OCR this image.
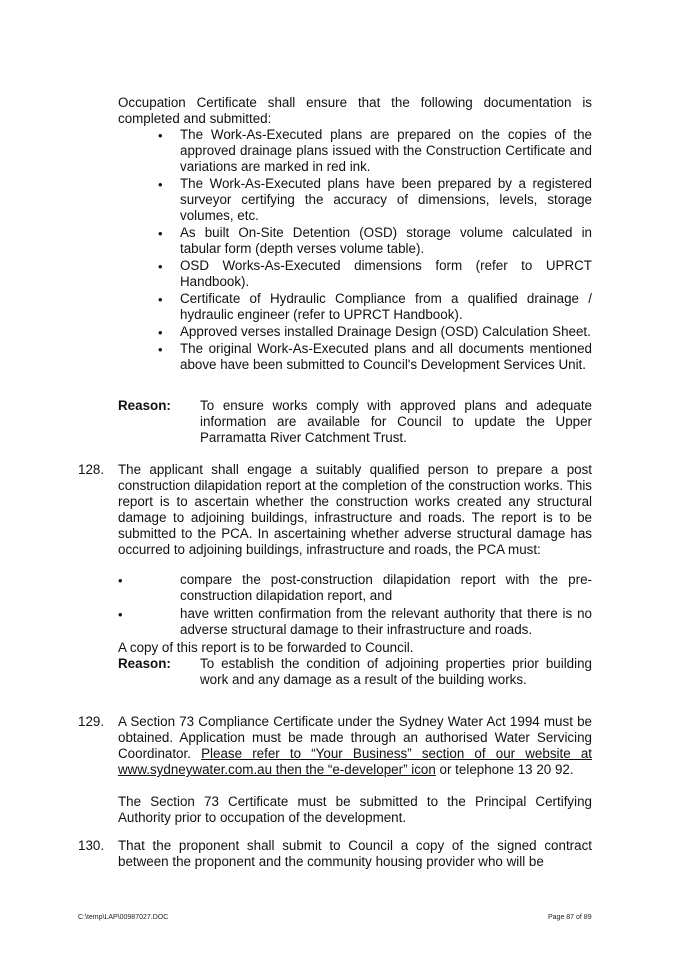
Occupation Certificate shall ensure that the following documentation is completed and submitted:
• The Work-As-Executed plans are prepared on the copies of the approved drainage plans issued with the Construction Certificate and variations are marked in red ink.
• The Work-As-Executed plans have been prepared by a registered surveyor certifying the accuracy of dimensions, levels, storage volumes, etc.
• As built On-Site Detention (OSD) storage volume calculated in tabular form (depth verses volume table).
• OSD Works-As-Executed dimensions form (refer to UPRCT Handbook).
• Certificate of Hydraulic Compliance from a qualified drainage / hydraulic engineer (refer to UPRCT Handbook).
• Approved verses installed Drainage Design (OSD) Calculation Sheet.
• The original Work-As-Executed plans and all documents mentioned above have been submitted to Council's Development Services Unit.
Reason:	To ensure works comply with approved plans and adequate information are available for Council to update the Upper Parramatta River Catchment Trust.
128.	The applicant shall engage a suitably qualified person to prepare a post construction dilapidation report at the completion of the construction works. This report is to ascertain whether the construction works created any structural damage to adjoining buildings, infrastructure and roads. The report is to be submitted to the PCA. In ascertaining whether adverse structural damage has occurred to adjoining buildings, infrastructure and roads, the PCA must:

• compare the post-construction dilapidation report with the pre-construction dilapidation report, and
• have written confirmation from the relevant authority that there is no adverse structural damage to their infrastructure and roads.

A copy of this report is to be forwarded to Council.

Reason:	To establish the condition of adjoining properties prior building work and any damage as a result of the building works.
129.	A Section 73 Compliance Certificate under the Sydney Water Act 1994 must be obtained. Application must be made through an authorised Water Servicing Coordinator. Please refer to “Your Business” section of our website at www.sydneywater.com.au then the “e-developer” icon or telephone 13 20 92.

The Section 73 Certificate must be submitted to the Principal Certifying Authority prior to occupation of the development.

130.	That the proponent shall submit to Council a copy of the signed contract between the proponent and the community housing provider who will be

C:\temp\LAP\00987027.DOC	Page 87 of 89
